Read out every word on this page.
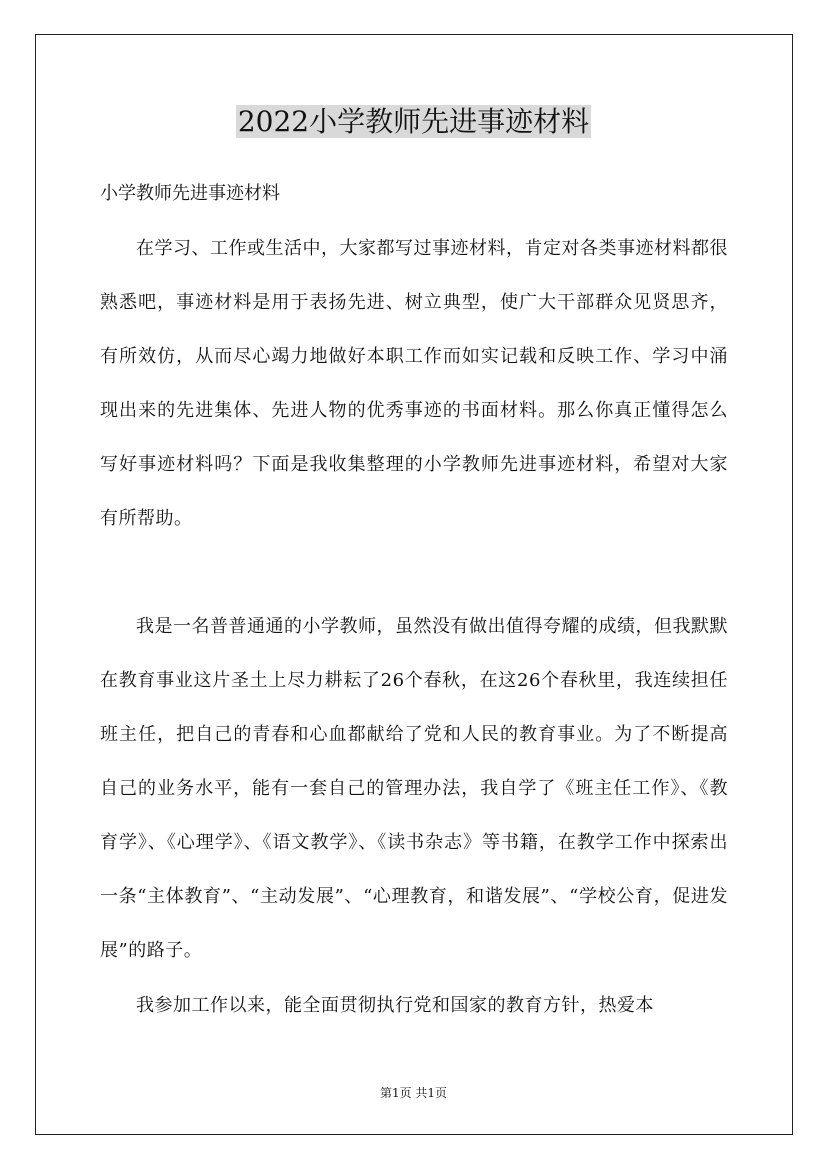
2022小学教师先进事迹材料
小学教师先进事迹材料

在学习、工作或生活中，大家都写过事迹材料，肯定对各类事迹材料都很熟悉吧，事迹材料是用于表扬先进、树立典型，使广大干部群众见贤思齐，有所效仿，从而尽心竭力地做好本职工作而如实记载和反映工作、学习中涌现出来的先进集体、先进人物的优秀事迹的书面材料。那么你真正懂得怎么写好事迹材料吗？下面是我收集整理的小学教师先进事迹材料，希望对大家有所帮助。

我是一名普普通通的小学教师，虽然没有做出值得夸耀的成绩，但我默默在教育事业这片圣土上尽力耕耘了26个春秋，在这26个春秋里，我连续担任班主任，把自己的青春和心血都献给了党和人民的教育事业。为了不断提高自己的业务水平，能有一套自己的管理办法，我自学了《班主任工作》、《教育学》、《心理学》、《语文教学》、《读书杂志》等书籍，在教学工作中探索出一条“主体教育”、“主动发展”、“心理教育，和谐发展”、“学校公育，促进发展”的路子。

我参加工作以来，能全面贯彻执行党和国家的教育方针，热爱本

第1页 共1页
